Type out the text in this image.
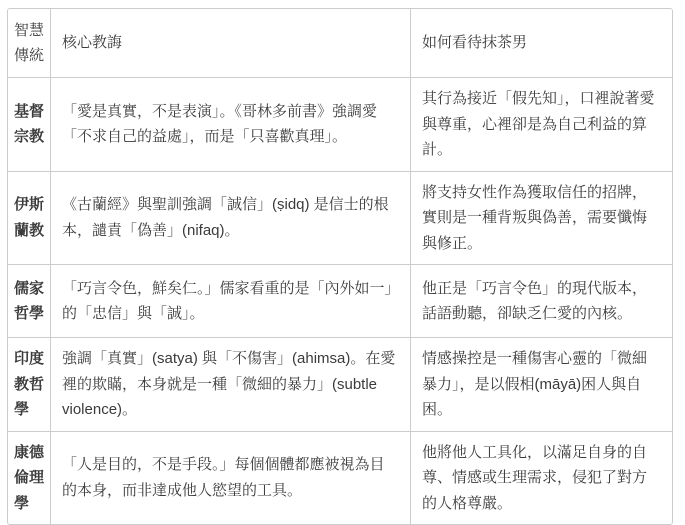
智慧傳統	核心教誨	如何看待抹茶男
基督宗教	「愛是真實，不是表演」。《哥林多前書》強調愛「不求自己的益處」，而是「只喜歡真理」。	其行為接近「假先知」，口裡說著愛與尊重，心裡卻是為自己利益的算計。
伊斯蘭教	《古蘭經》與聖訓強調「誠信」(ṣidq) 是信士的根本，譴責「偽善」(nifaq)。	將支持女性作為獲取信任的招牌，實則是一種背叛與偽善，需要懺悔與修正。
儒家哲學	「巧言令色，鮮矣仁。」儒家看重的是「內外如一」的「忠信」與「誠」。	他正是「巧言令色」的現代版本，話語動聽，卻缺乏仁愛的內核。
印度教哲學	強調「真實」(satya) 與「不傷害」(ahimsa)。在愛裡的欺瞞，本身就是一種「微細的暴力」(subtle violence)。	情感操控是一種傷害心靈的「微細暴力」，是以假相(māyā)困人與自困。
康德倫理學	「人是目的，不是手段。」每個個體都應被視為目的本身，而非達成他人慾望的工具。	他將他人工具化，以滿足自身的自尊、情感或生理需求，侵犯了對方的人格尊嚴。
